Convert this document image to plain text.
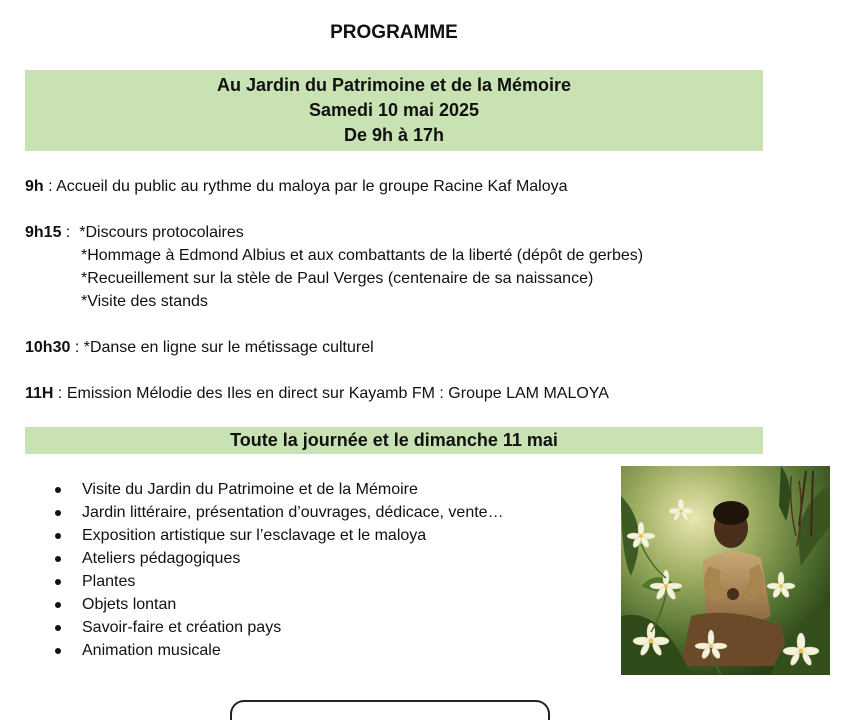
PROGRAMME
Au Jardin du Patrimoine et de la Mémoire
Samedi 10 mai 2025
De 9h à 17h
9h : Accueil du public au rythme du maloya par le groupe Racine Kaf Maloya
9h15 :  *Discours protocolaires
*Hommage à Edmond Albius et aux combattants de la liberté (dépôt de gerbes)
*Recueillement sur la stèle de Paul Verges (centenaire de sa naissance)
*Visite des stands
10h30 : *Danse en ligne sur le métissage culturel
11H : Emission Mélodie des Iles en direct sur Kayamb FM : Groupe LAM MALOYA
Toute la journée et le dimanche 11 mai
Visite du Jardin du Patrimoine et de la Mémoire
Jardin littéraire, présentation d’ouvrages, dédicace, vente…
Exposition artistique sur l’esclavage et le maloya
Ateliers pédagogiques
Plantes
Objets lontan
Savoir-faire et création pays
Animation musicale
